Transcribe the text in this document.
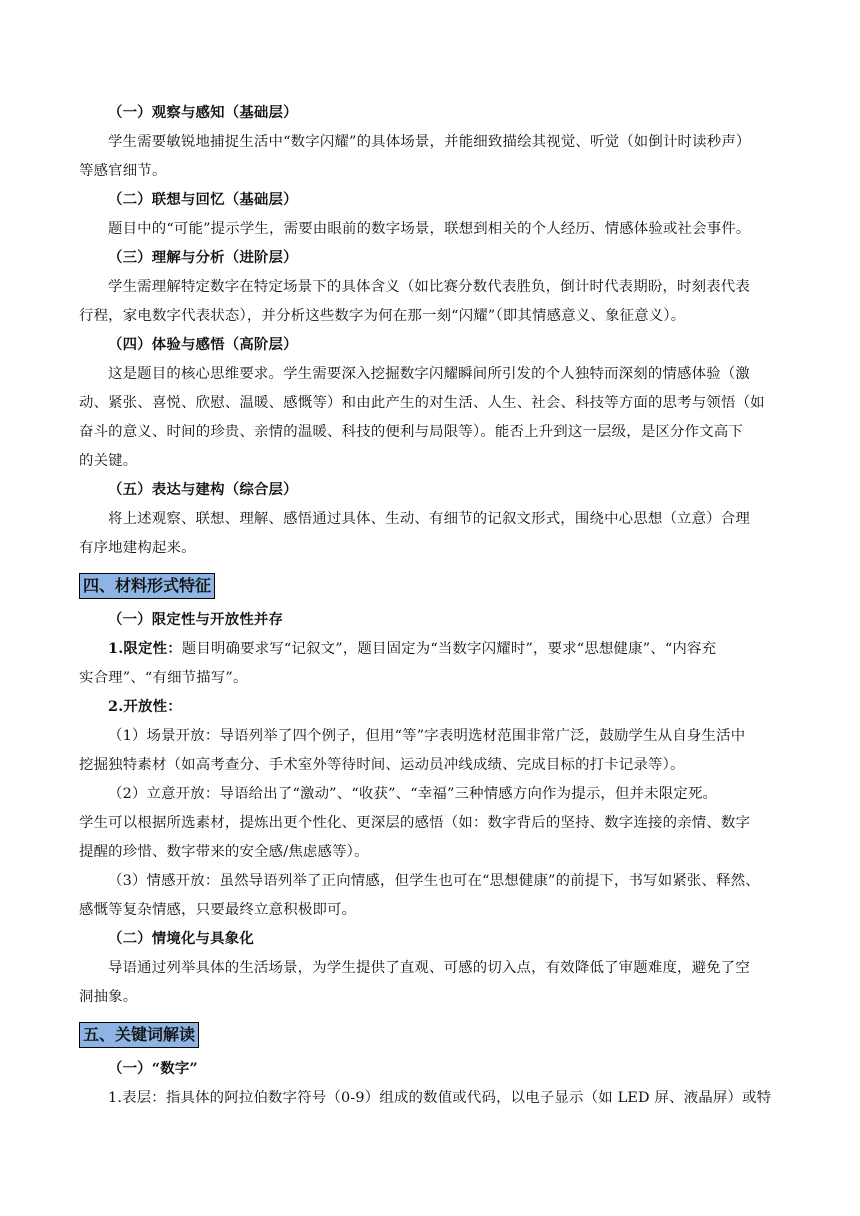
（一）观察与感知（基础层）
学生需要敏锐地捕捉生活中“数字闪耀”的具体场景，并能细致描绘其视觉、听觉（如倒计时读秒声）
等感官细节。
（二）联想与回忆（基础层）
题目中的“可能”提示学生，需要由眼前的数字场景，联想到相关的个人经历、情感体验或社会事件。
（三）理解与分析（进阶层）
学生需理解特定数字在特定场景下的具体含义（如比赛分数代表胜负，倒计时代表期盼，时刻表代表
行程，家电数字代表状态），并分析这些数字为何在那一刻“闪耀”（即其情感意义、象征意义）。
（四）体验与感悟（高阶层）
这是题目的核心思维要求。学生需要深入挖掘数字闪耀瞬间所引发的个人独特而深刻的情感体验（激
动、紧张、喜悦、欣慰、温暖、感慨等）和由此产生的对生活、人生、社会、科技等方面的思考与领悟（如
奋斗的意义、时间的珍贵、亲情的温暖、科技的便利与局限等）。能否上升到这一层级，是区分作文高下
的关键。
（五）表达与建构（综合层）
将上述观察、联想、理解、感悟通过具体、生动、有细节的记叙文形式，围绕中心思想（立意）合理
有序地建构起来。
四、材料形式特征
（一）限定性与开放性并存
1.限定性：题目明确要求写“记叙文”，题目固定为“当数字闪耀时”，要求“思想健康”、“内容充
实合理”、“有细节描写”。
2.开放性：
（1）场景开放：导语列举了四个例子，但用“等”字表明选材范围非常广泛，鼓励学生从自身生活中
挖掘独特素材（如高考查分、手术室外等待时间、运动员冲线成绩、完成目标的打卡记录等）。
（2）立意开放：导语给出了“激动”、“收获”、“幸福”三种情感方向作为提示，但并未限定死。
学生可以根据所选素材，提炼出更个性化、更深层的感悟（如：数字背后的坚持、数字连接的亲情、数字
提醒的珍惜、数字带来的安全感/焦虑感等）。
（3）情感开放：虽然导语列举了正向情感，但学生也可在“思想健康”的前提下，书写如紧张、释然、
感慨等复杂情感，只要最终立意积极即可。
（二）情境化与具象化
导语通过列举具体的生活场景，为学生提供了直观、可感的切入点，有效降低了审题难度，避免了空
洞抽象。
五、关键词解读
（一）“数字”
1.表层：指具体的阿拉伯数字符号（0-9）组成的数值或代码，以电子显示（如 LED 屏、液晶屏）或特
